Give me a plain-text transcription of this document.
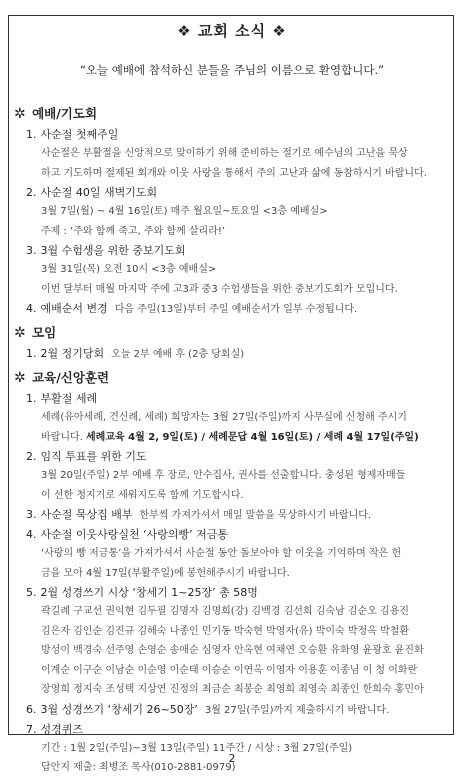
❖ 교회 소식 ❖
“오늘 예배에 참석하신 분들을 주님의 이름으로 환영합니다.”
✲ 예배/기도회
1. 사순절 첫째주일
사순절은 부활절을 신앙적으로 맞이하기 위해 준비하는 절기로 예수님의 고난을 묵상
하고 기도하며 절제된 회개와 이웃 사랑을 통해서 주의 고난과 삶에 동참하시기 바랍니다.
2. 사순절 40일 새벽기도회
3월 7일(월) ~ 4월 16일(토) 매주 월요일~토요일 <3층 예배실>
주제 : ‘주와 함께 죽고, 주와 함께 살리라!’
3. 3월 수험생을 위한 중보기도회
3월 31일(목) 오전 10시 <3층 예배실>
이번 달부터 매월 마지막 주에 고3과 중3 수험생들을 위한 중보기도회가 모입니다.
4. 예배순서 변경 다음 주일(13일)부터 주일 예배순서가 일부 수정됩니다.
✲ 모임
1. 2월 정기당회 오늘 2부 예배 후 (2층 당회실)
✲ 교육/신앙훈련
1. 부활절 세례
세례(유아세례, 견신례, 세례) 희망자는 3월 27일(주일)까지 사무실에 신청해 주시기
바랍니다. 세례교육 4월 2, 9일(토) / 세례문답 4월 16일(토) / 세례 4월 17일(주일)
2. 임직 투표를 위한 기도
3월 20일(주일) 2부 예배 후 장로, 안수집사, 권사를 선출합니다. 충성된 형제자매들
이 선한 청지기로 세워지도록 함께 기도합시다.
3. 사순절 묵상집 배부 한부씩 가져가셔서 매일 말씀을 묵상하시기 바랍니다.
4. 사순절 이웃사랑실천 ‘사랑의빵’ 저금통
‘사랑의 빵 저금통’을 가져가셔서 사순절 동안 돌보아야 할 이웃을 기억하며 작은 헌
금을 모아 4월 17일(부활주일)에 봉헌해주시기 바랍니다.
5. 2월 성경쓰기 시상 ‘창세기 1~25장’ 총 58명
곽길례 구교선 권익현 김두필 김명자 김명희(강) 김백경 김선희 김숙남 김순오 김용진
김은자 김인순 김진규 김해숙 나종인 민기동 박숙현 박영자(유) 박이숙 박정옥 박철환
방성이 백경숙 선주영 손영순 송애순 심영자 안옥현 여채연 오승환 유화영 윤광호 윤진화
이계순 이구순 이남순 이순영 이순태 이승순 이연옥 이영자 이용훈 이종님 이 청 이화란
장영희 정지숙 조성택 지상연 진정의 최금순 최봉순 최영희 최영숙 최종인 한희숙 홍민아
6. 3월 성경쓰기 ‘창세기 26~50장’ 3월 27일(주일)까지 제출하시기 바랍니다.
7. 성경퀴즈
기간 : 1월 2일(주일)~3월 13일(주일) 11주간 / 시상 : 3월 27일(주일)
답안지 제출: 최병조 목사(010-2881-0979)
2
